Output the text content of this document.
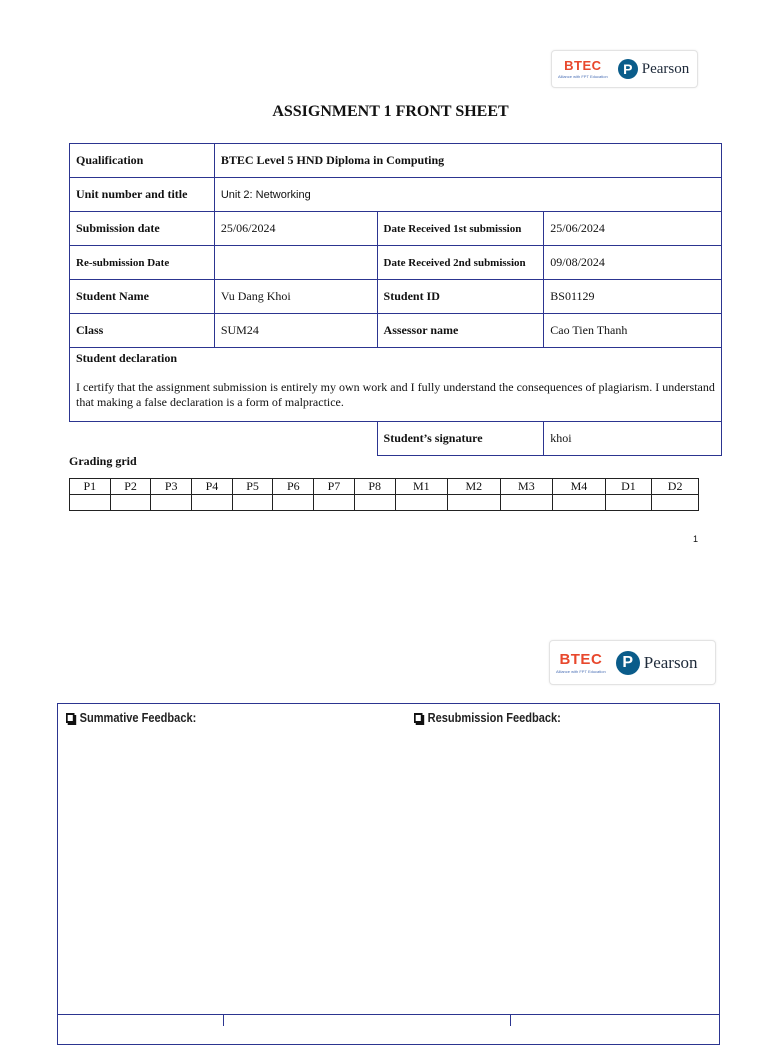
BTEC
Alliance with FPT Education	P Pearson
ASSIGNMENT 1 FRONT SHEET
Qualification	BTEC Level 5 HND Diploma in Computing		
Unit number and title	Unit 2: Networking		
Submission date	25/06/2024	Date Received 1st submission	25/06/2024
Re-submission Date		Date Received 2nd submission	09/08/2024
Student Name	Vu Dang Khoi	Student ID	BS01129
Class	SUM24	Assessor name	Cao Tien Thanh

Student declaration
I certify that the assignment submission is entirely my own work and I fully understand the consequences of plagiarism. I understand that making a false declaration is a form of malpractice.			

		Student’s signature	khoi
Grading grid
P1	P2	P3	P4	P5	P6	P7	P8	M1	M2	M3	M4	D1	D2

1
BTEC
Alliance with FPT Education
P Pearson
Summative Feedback:	Resubmission Feedback:
